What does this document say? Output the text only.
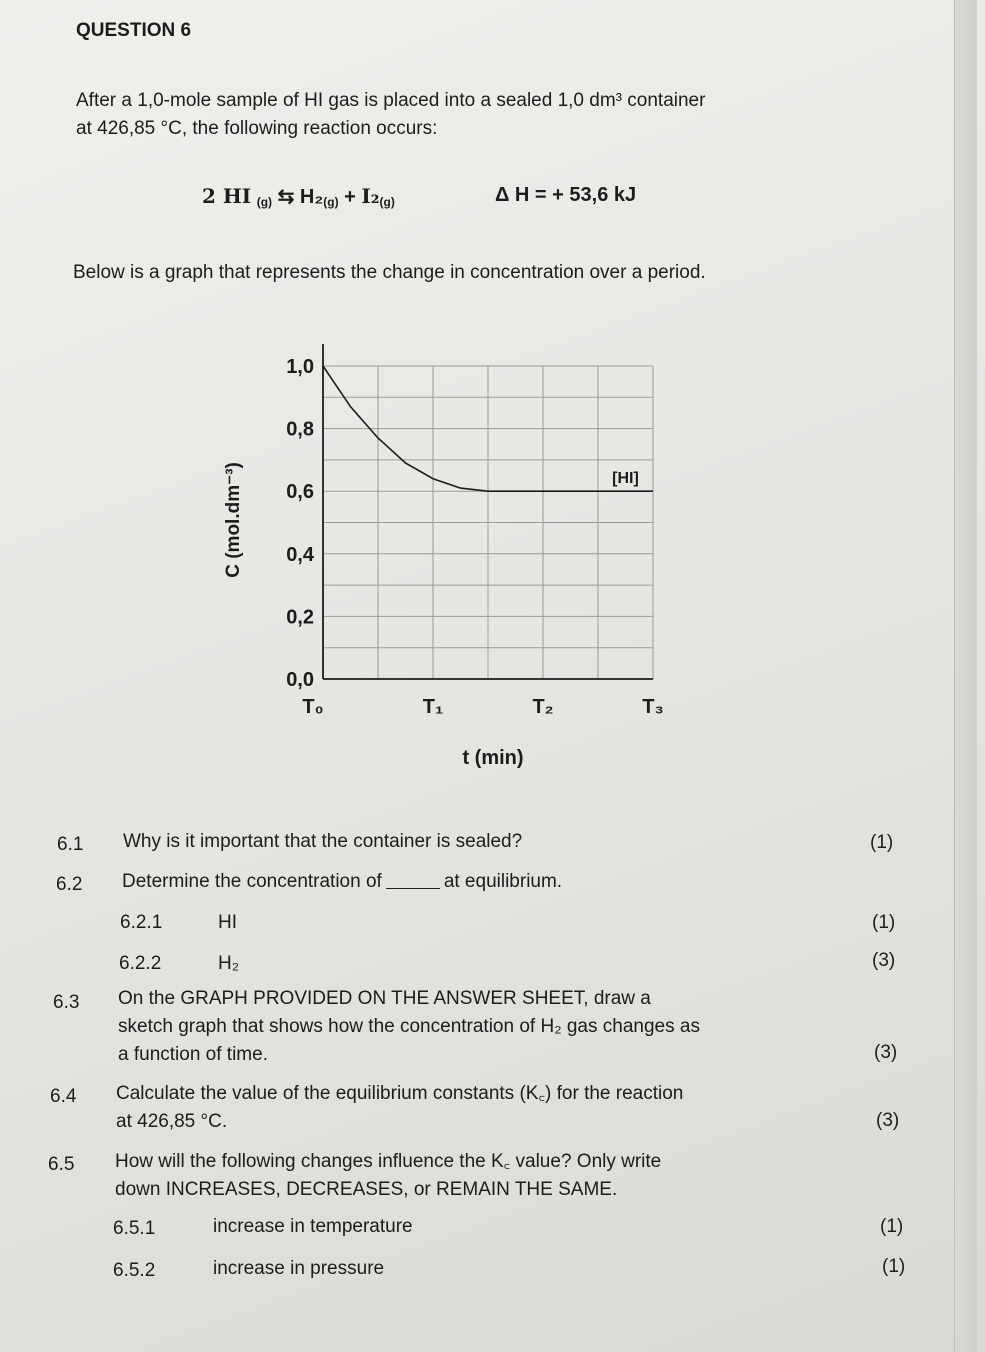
QUESTION 6
After a 1,0-mole sample of HI gas is placed into a sealed 1,0 dm³ container
at 426,85 °C, the following reaction occurs:
2 HI $_{(g)}$ ⇆ $H_2_{(g)} + I_2_{(g)}$	Δ H = + 53,6 kJ
Below is a graph that represents the change in concentration over a period.
0,0
0,2
0,4
0,6
0,8
1,0
T₀	T₁	T₂	T₃
[HI]
C (mol.dm⁻³)
t (min)
6.1 Why is it important that the container is sealed?	(1)
6.2 Determine the concentration of	at equilibrium.
6.2.1	HI	(1)
6.2.2	H₂	(3)
6.3 On the GRAPH PROVIDED ON THE ANSWER SHEET, draw a
sketch graph that shows how the concentration of H₂ gas changes as
a function of time.	(3)
6.4 Calculate the value of the equilibrium constants (K꜀) for the reaction
at 426,85 °C.	(3)
6.5 How will the following changes influence the K꜀ value? Only write
down INCREASES, DECREASES, or REMAIN THE SAME.
6.5.1	increase in temperature	(1)
6.5.2	increase in pressure	(1)
